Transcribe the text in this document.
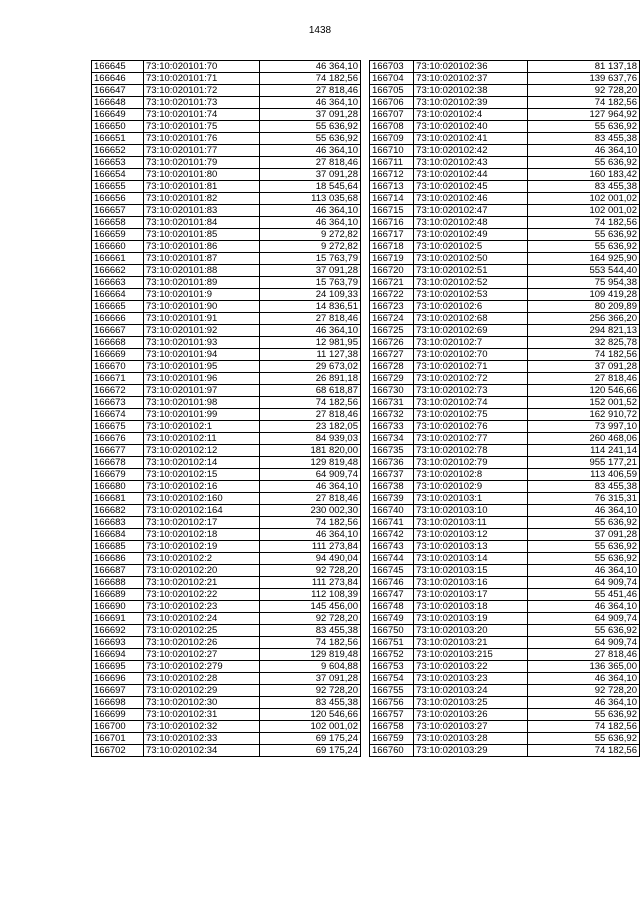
1438
166645	73:10:020101:70	46 364,10
166646	73:10:020101:71	74 182,56
166647	73:10:020101:72	27 818,46
166648	73:10:020101:73	46 364,10
166649	73:10:020101:74	37 091,28
166650	73:10:020101:75	55 636,92
166651	73:10:020101:76	55 636,92
166652	73:10:020101:77	46 364,10
166653	73:10:020101:79	27 818,46
166654	73:10:020101:80	37 091,28
166655	73:10:020101:81	18 545,64
166656	73:10:020101:82	113 035,68
166657	73:10:020101:83	46 364,10
166658	73:10:020101:84	46 364,10
166659	73:10:020101:85	9 272,82
166660	73:10:020101:86	9 272,82
166661	73:10:020101:87	15 763,79
166662	73:10:020101:88	37 091,28
166663	73:10:020101:89	15 763,79
166664	73:10:020101:9	24 109,33
166665	73:10:020101:90	14 836,51
166666	73:10:020101:91	27 818,46
166667	73:10:020101:92	46 364,10
166668	73:10:020101:93	12 981,95
166669	73:10:020101:94	11 127,38
166670	73:10:020101:95	29 673,02
166671	73:10:020101:96	26 891,18
166672	73:10:020101:97	68 618,87
166673	73:10:020101:98	74 182,56
166674	73:10:020101:99	27 818,46
166675	73:10:020102:1	23 182,05
166676	73:10:020102:11	84 939,03
166677	73:10:020102:12	181 820,00
166678	73:10:020102:14	129 819,48
166679	73:10:020102:15	64 909,74
166680	73:10:020102:16	46 364,10
166681	73:10:020102:160	27 818,46
166682	73:10:020102:164	230 002,30
166683	73:10:020102:17	74 182,56
166684	73:10:020102:18	46 364,10
166685	73:10:020102:19	111 273,84
166686	73:10:020102:2	94 490,04
166687	73:10:020102:20	92 728,20
166688	73:10:020102:21	111 273,84
166689	73:10:020102:22	112 108,39
166690	73:10:020102:23	145 456,00
166691	73:10:020102:24	92 728,20
166692	73:10:020102:25	83 455,38
166693	73:10:020102:26	74 182,56
166694	73:10:020102:27	129 819,48
166695	73:10:020102:279	9 604,88
166696	73:10:020102:28	37 091,28
166697	73:10:020102:29	92 728,20
166698	73:10:020102:30	83 455,38
166699	73:10:020102:31	120 546,66
166700	73:10:020102:32	102 001,02
166701	73:10:020102:33	69 175,24
166702	73:10:020102:34	69 175,24
166703	73:10:020102:36	81 137,18
166704	73:10:020102:37	139 637,76
166705	73:10:020102:38	92 728,20
166706	73:10:020102:39	74 182,56
166707	73:10:020102:4	127 964,92
166708	73:10:020102:40	55 636,92
166709	73:10:020102:41	83 455,38
166710	73:10:020102:42	46 364,10
166711	73:10:020102:43	55 636,92
166712	73:10:020102:44	160 183,42
166713	73:10:020102:45	83 455,38
166714	73:10:020102:46	102 001,02
166715	73:10:020102:47	102 001,02
166716	73:10:020102:48	74 182,56
166717	73:10:020102:49	55 636,92
166718	73:10:020102:5	55 636,92
166719	73:10:020102:50	164 925,90
166720	73:10:020102:51	553 544,40
166721	73:10:020102:52	75 954,38
166722	73:10:020102:53	109 419,28
166723	73:10:020102:6	80 209,89
166724	73:10:020102:68	256 366,20
166725	73:10:020102:69	294 821,13
166726	73:10:020102:7	32 825,78
166727	73:10:020102:70	74 182,56
166728	73:10:020102:71	37 091,28
166729	73:10:020102:72	27 818,46
166730	73:10:020102:73	120 546,66
166731	73:10:020102:74	152 001,52
166732	73:10:020102:75	162 910,72
166733	73:10:020102:76	73 997,10
166734	73:10:020102:77	260 468,06
166735	73:10:020102:78	114 241,14
166736	73:10:020102:79	955 177,21
166737	73:10:020102:8	113 406,59
166738	73:10:020102:9	83 455,38
166739	73:10:020103:1	76 315,31
166740	73:10:020103:10	46 364,10
166741	73:10:020103:11	55 636,92
166742	73:10:020103:12	37 091,28
166743	73:10:020103:13	55 636,92
166744	73:10:020103:14	55 636,92
166745	73:10:020103:15	46 364,10
166746	73:10:020103:16	64 909,74
166747	73:10:020103:17	55 451,46
166748	73:10:020103:18	46 364,10
166749	73:10:020103:19	64 909,74
166750	73:10:020103:20	55 636,92
166751	73:10:020103:21	64 909,74
166752	73:10:020103:215	27 818,46
166753	73:10:020103:22	136 365,00
166754	73:10:020103:23	46 364,10
166755	73:10:020103:24	92 728,20
166756	73:10:020103:25	46 364,10
166757	73:10:020103:26	55 636,92
166758	73:10:020103:27	74 182,56
166759	73:10:020103:28	55 636,92
166760	73:10:020103:29	74 182,56
